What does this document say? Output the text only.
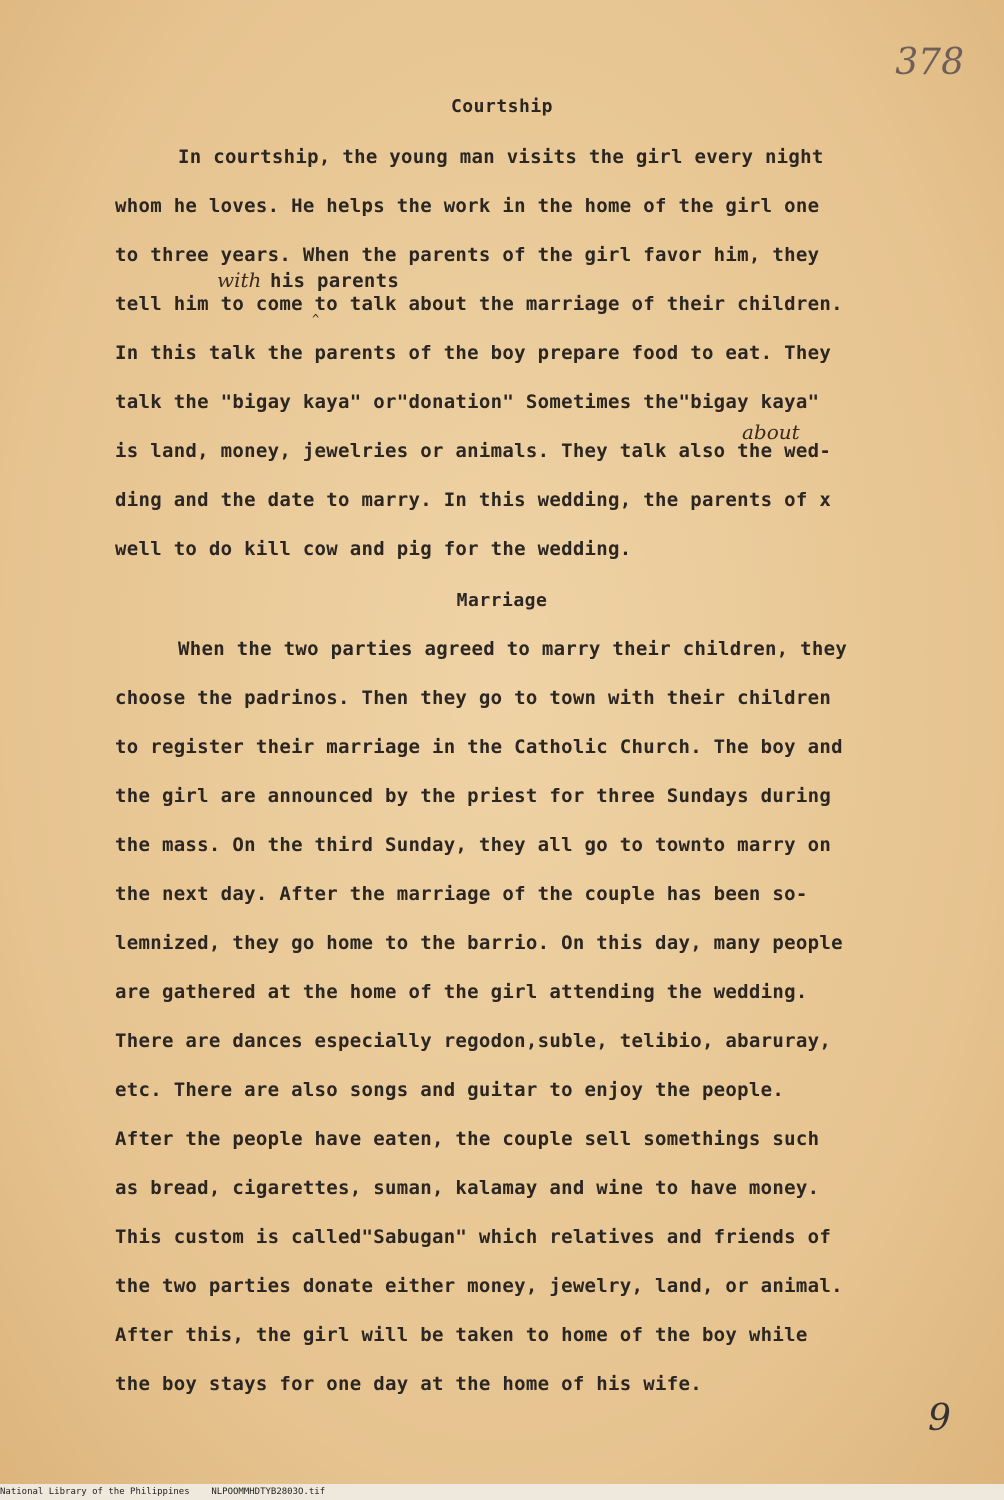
378

Courtship

In courtship, the young man visits the girl every night

whom he loves. He helps the work in the home of the girl one

to three years. When the parents of the girl favor him, they

with his parents

tell him to come to talk about the marriage of their children.

^

In this talk the parents of the boy prepare food to eat. They

talk the "bigay kaya" or"donation" Sometimes the"bigay kaya"

about

is land, money, jewelries or animals. They talk also the wed-

ding and the date to marry. In this wedding, the parents of x

well to do kill cow and pig for the wedding.

Marriage

When the two parties agreed to marry their children, they

choose the padrinos. Then they go to town with their children

to register their marriage in the Catholic Church. The boy and

the girl are announced by the priest for three Sundays during

the mass. On the third Sunday, they all go to townto marry on

the next day. After the marriage of the couple has been so-

lemnized, they go home to the barrio. On this day, many people

are gathered at the home of the girl attending the wedding.

There are dances especially regodon,suble, telibio, abaruray,

etc. There are also songs and guitar to enjoy the people.

After the people have eaten, the couple sell somethings such

as bread, cigarettes, suman, kalamay and wine to have money.

This custom is called"Sabugan" which relatives and friends of

the two parties donate either money, jewelry, land, or animal.

After this, the girl will be taken to home of the boy while

the boy stays for one day at the home of his wife.

9
National Library of the Philippines    NLPOOMMHDTYB2803O.tif
